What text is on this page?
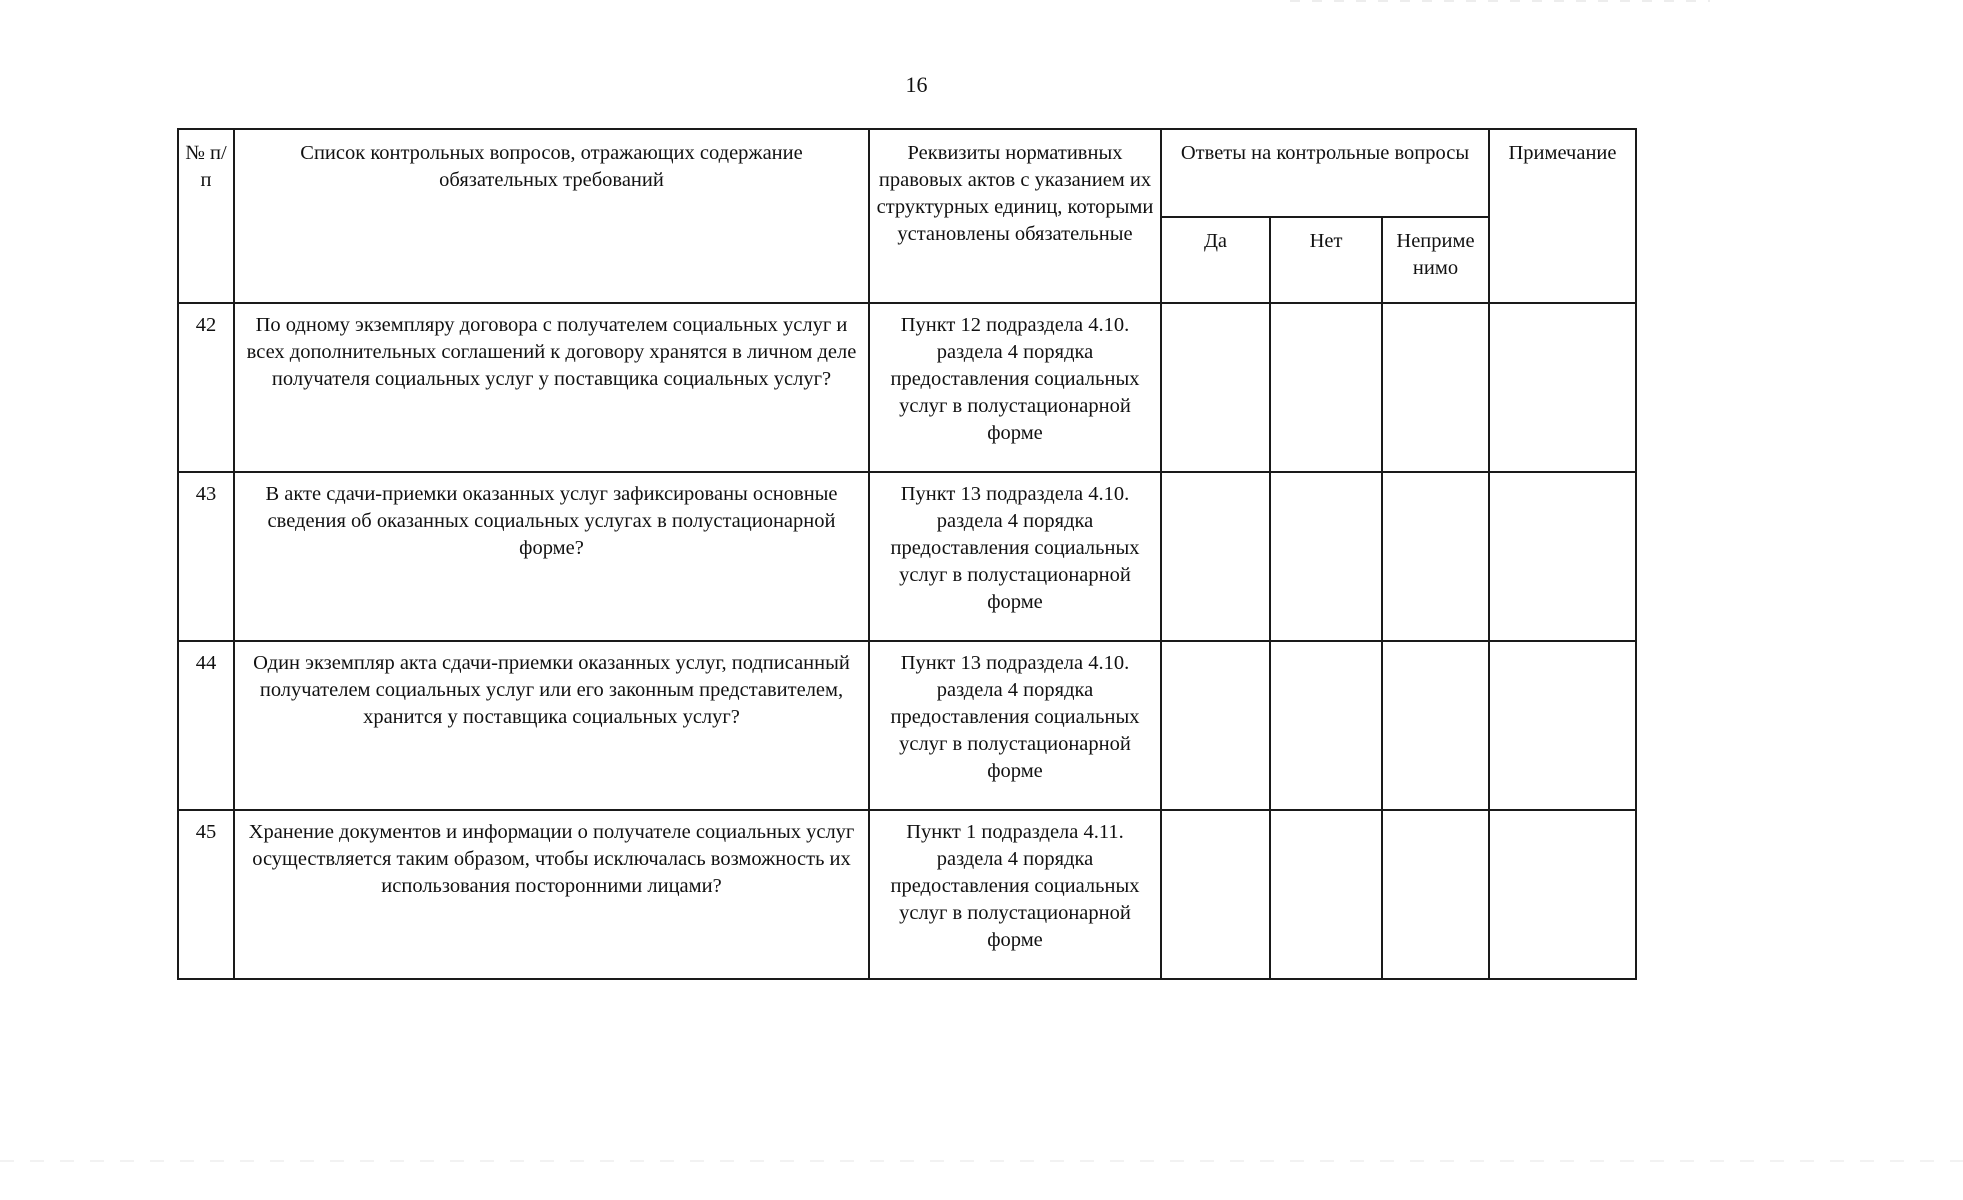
16
№ п/п	Список контрольных вопросов, отражающих содержание обязательных требований	Реквизиты нормативных правовых актов с указанием их структурных единиц, которыми установлены обязательные	Ответы на контрольные вопросы			Примечание
			Да	Нет	Неприме нимо	
42	По одному экземпляру договора с получателем социальных услуг и всех дополнительных соглашений к договору хранятся в личном деле получателя социальных услуг у поставщика социальных услуг?	Пункт 12 подраздела 4.10. раздела 4 порядка предоставления социальных услуг в полустационарной форме				
43	В акте сдачи-приемки оказанных услуг зафиксированы основные сведения об оказанных социальных услугах в полустационарной форме?	Пункт 13 подраздела 4.10. раздела 4 порядка предоставления социальных услуг в полустационарной форме				
44	Один экземпляр акта сдачи-приемки оказанных услуг, подписанный получателем социальных услуг или его законным представителем, хранится у поставщика социальных услуг?	Пункт 13 подраздела 4.10. раздела 4 порядка предоставления социальных услуг в полустационарной форме				
45	Хранение документов и информации о получателе социальных услуг осуществляется таким образом, чтобы исключалась возможность их использования посторонними лицами?	Пункт 1 подраздела 4.11. раздела 4 порядка предоставления социальных услуг в полустационарной форме				
